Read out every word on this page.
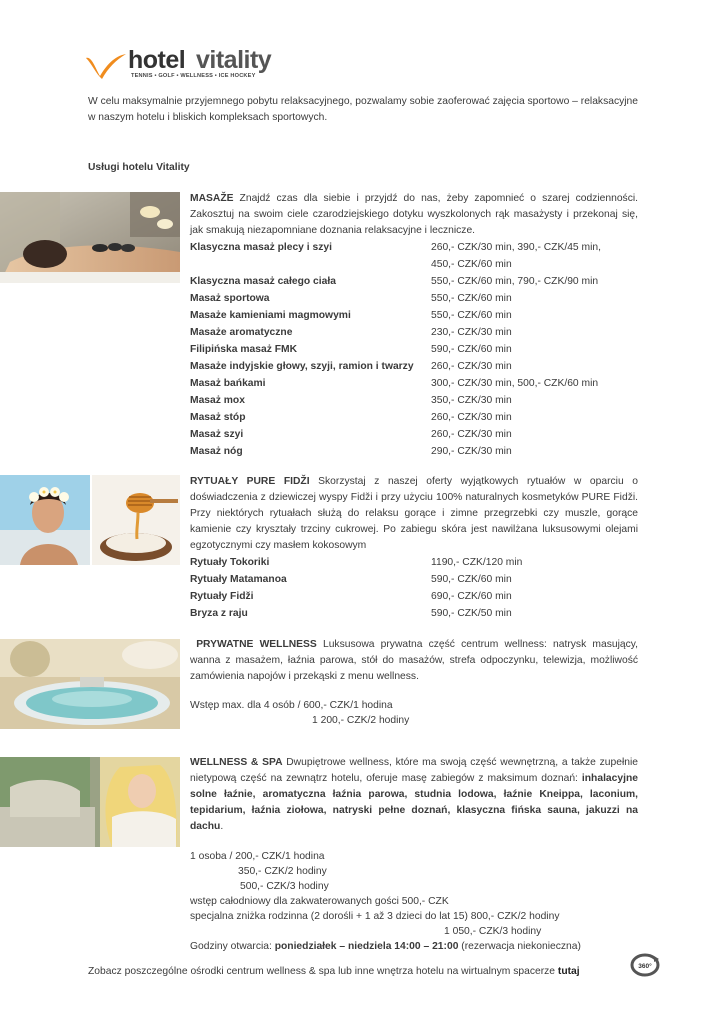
hotel vitality
TENNIS • GOLF • WELLNESS • ICE HOCKEY
W celu maksymalnie przyjemnego pobytu relaksacyjnego, pozwalamy sobie zaoferować zajęcia sportowo – relaksacyjne w naszym hotelu i bliskich kompleksach sportowych.
Usługi hotelu Vitality
MASAŽE Znajdź czas dla siebie i przyjdź do nas, żeby zapomnieć o szarej codzienności. Zakosztuj na swoim ciele czarodziejskiego dotyku wyszkolonych rąk masażysty i przekonaj się, jak smakują niezapomniane doznania relaksacyjne i lecznicze.
Klasyczna masaż plecy i szyi	260,- CZK/30 min, 390,- CZK/45 min,
450,- CZK/60 min
Klasyczna masaż całego ciała	550,- CZK/60 min, 790,- CZK/90 min
Masaż sportowa	550,- CZK/60 min
Masaże kamieniami magmowymi	550,- CZK/60 min
Masaże aromatyczne	230,- CZK/30 min
Filipińska masaż FMK	590,- CZK/60 min
Masaże indyjskie głowy, szyji, ramion i twarzy	260,- CZK/30 min
Masaż bańkami	300,- CZK/30 min, 500,- CZK/60 min
Masaż mox	350,- CZK/30 min
Masaż stóp	260,- CZK/30 min
Masaż szyi	260,- CZK/30 min
Masaż nóg	290,- CZK/30 min
RYTUAŁY PURE FIDŽI Skorzystaj z naszej oferty wyjątkowych rytuałów w oparciu o doświadczenia z dziewiczej wyspy Fidži i przy użyciu 100% naturalnych kosmetyków PURE Fidži. Przy niektórych rytuałach służą do relaksu gorące i zimne przegrzebki czy muszle, gorące kamienie czy kryształy trzciny cukrowej. Po zabiegu skóra jest nawilżana luksusowymi olejami egzotycznymi czy masłem kokosowym
Rytuały Tokoriki	1190,- CZK/120 min
Rytuały Matamanoa	590,- CZK/60 min
Rytuały Fidži	690,- CZK/60 min
Bryza z raju	590,- CZK/50 min
PRYWATNE WELLNESS Luksusowa prywatna część centrum wellness: natrysk masujący, wanna z masażem, łaźnia parowa, stół do masażów, strefa odpoczynku, telewizja, możliwość zamówienia napojów i przekąski z menu wellness.
Wstęp max. dla 4 osób / 600,- CZK/1 hodina
1 200,- CZK/2 hodiny
WELLNESS & SPA Dwupiętrowe wellness, które ma swoją część wewnętrzną, a także zupełnie nietypową część na zewnątrz hotelu, oferuje masę zabiegów z maksimum doznań: inhalacyjne solne łaźnie, aromatyczna łaźnia parowa, studnia lodowa, łaźnie Kneippa, laconium, tepidarium, łaźnia ziołowa, natryski pełne doznań, klasyczna fińska sauna, jakuzzi na dachu.
1 osoba / 200,- CZK/1 hodina
350,- CZK/2 hodiny
500,- CZK/3 hodiny
wstęp całodniowy dla zakwaterowanych gości 500,- CZK
specjalna zniżka rodzinna (2 dorośli + 1 až 3 dzieci do lat 15) 800,- CZK/2 hodiny
1 050,- CZK/3 hodiny
Godziny otwarcia: poniedziałek – niedziela 14:00 – 21:00 (rezerwacja niekonieczna)
Zobacz poszczególne ośrodki centrum wellness & spa lub inne wnętrza hotelu na wirtualnym spacerze tutaj	360°
